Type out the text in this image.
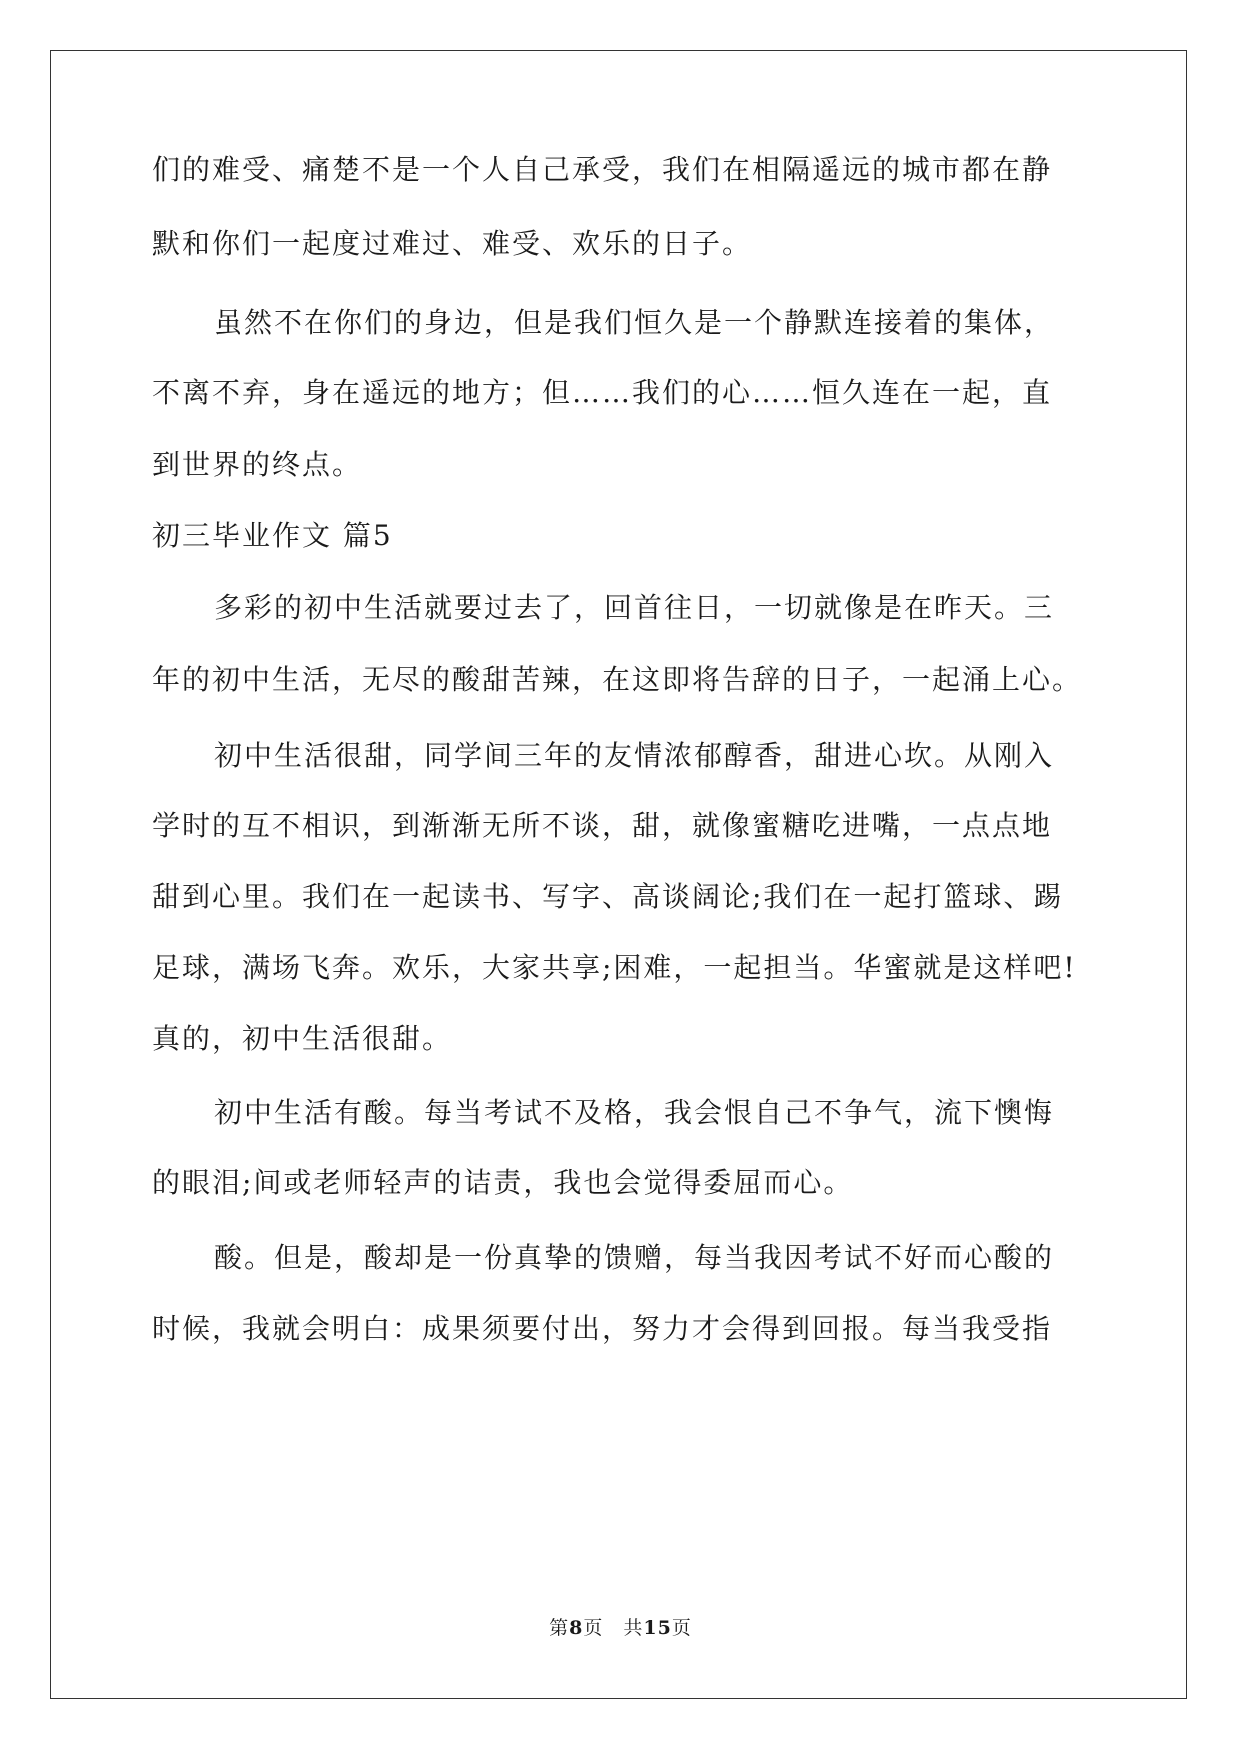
们的难受、痛楚不是一个人自己承受，我们在相隔遥远的城市都在静
默和你们一起度过难过、难受、欢乐的日子。
虽然不在你们的身边，但是我们恒久是一个静默连接着的集体，
不离不弃，身在遥远的地方；但……我们的心……恒久连在一起，直
到世界的终点。
初三毕业作文 篇5
多彩的初中生活就要过去了，回首往日，一切就像是在昨天。三
年的初中生活，无尽的酸甜苦辣，在这即将告辞的日子，一起涌上心。
初中生活很甜，同学间三年的友情浓郁醇香，甜进心坎。从刚入
学时的互不相识，到渐渐无所不谈，甜，就像蜜糖吃进嘴，一点点地
甜到心里。我们在一起读书、写字、高谈阔论;我们在一起打篮球、踢
足球，满场飞奔。欢乐，大家共享;困难，一起担当。华蜜就是这样吧!
真的，初中生活很甜。
初中生活有酸。每当考试不及格，我会恨自己不争气，流下懊悔
的眼泪;间或老师轻声的诘责，我也会觉得委屈而心。
酸。但是，酸却是一份真挚的馈赠，每当我因考试不好而心酸的
时候，我就会明白：成果须要付出，努力才会得到回报。每当我受指
第8页　共15页
